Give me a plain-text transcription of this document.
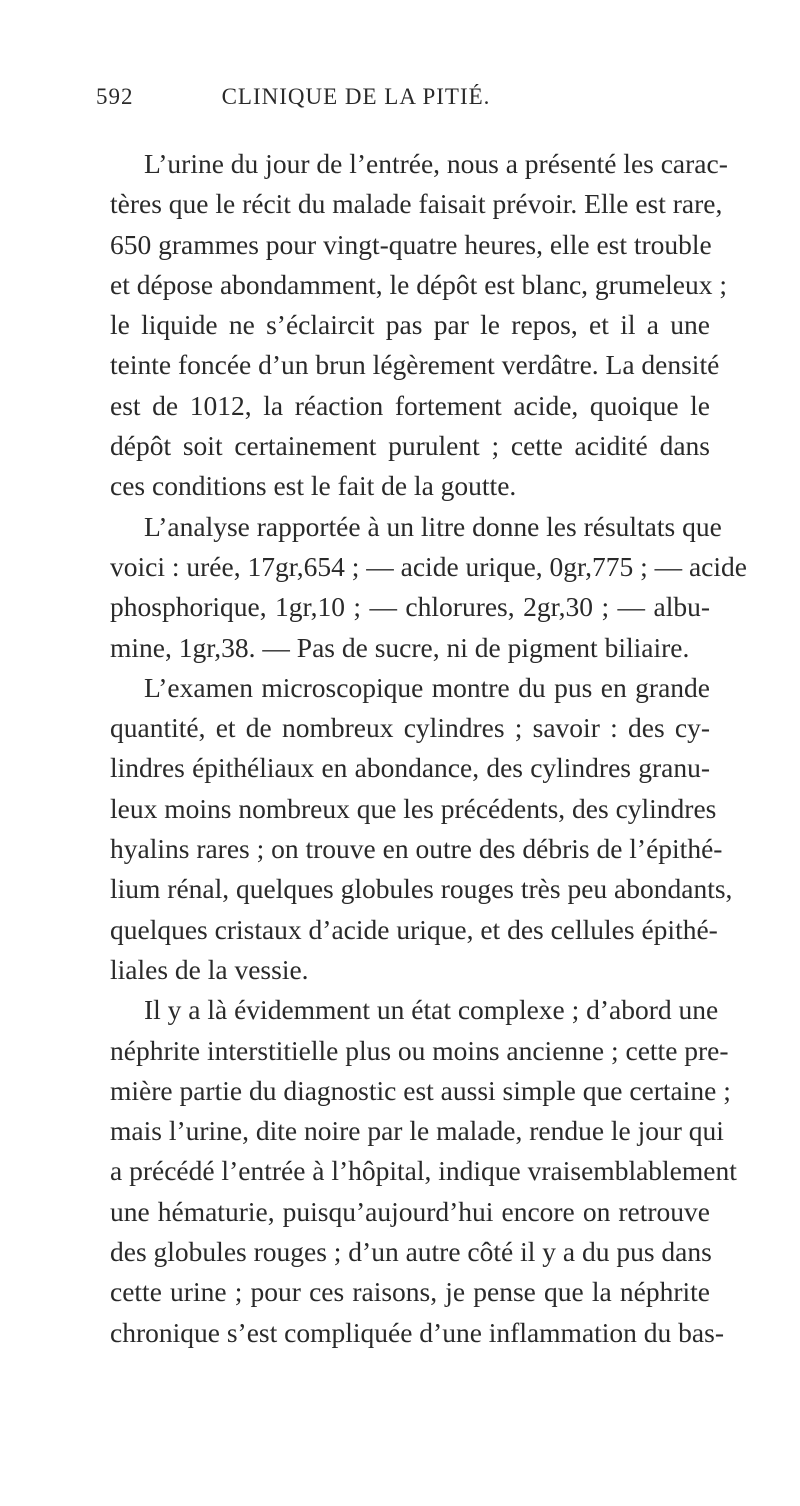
592	CLINIQUE DE LA PITIÉ.
L’urine du jour de l’entrée, nous a présenté les carac-
tères que le récit du malade faisait prévoir. Elle est rare,
650 grammes pour vingt-quatre heures, elle est trouble
et dépose abondamment, le dépôt est blanc, grumeleux ;
le liquide ne s’éclaircit pas par le repos, et il a une
teinte foncée d’un brun légèrement verdâtre. La densité
est de 1012, la réaction fortement acide, quoique le
dépôt soit certainement purulent ; cette acidité dans
ces conditions est le fait de la goutte.
L’analyse rapportée à un litre donne les résultats que
voici : urée, 17gr,654 ; — acide urique, 0gr,775 ; — acide
phosphorique, 1gr,10 ; — chlorures, 2gr,30 ; — albu-
mine, 1gr,38. — Pas de sucre, ni de pigment biliaire.
L’examen microscopique montre du pus en grande
quantité, et de nombreux cylindres ; savoir : des cy-
lindres épithéliaux en abondance, des cylindres granu-
leux moins nombreux que les précédents, des cylindres
hyalins rares ; on trouve en outre des débris de l’épithé-
lium rénal, quelques globules rouges très peu abondants,
quelques cristaux d’acide urique, et des cellules épithé-
liales de la vessie.
Il y a là évidemment un état complexe ; d’abord une
néphrite interstitielle plus ou moins ancienne ; cette pre-
mière partie du diagnostic est aussi simple que certaine ;
mais l’urine, dite noire par le malade, rendue le jour qui
a précédé l’entrée à l’hôpital, indique vraisemblablement
une hématurie, puisqu’aujourd’hui encore on retrouve
des globules rouges ; d’un autre côté il y a du pus dans
cette urine ; pour ces raisons, je pense que la néphrite
chronique s’est compliquée d’une inflammation du bas-
